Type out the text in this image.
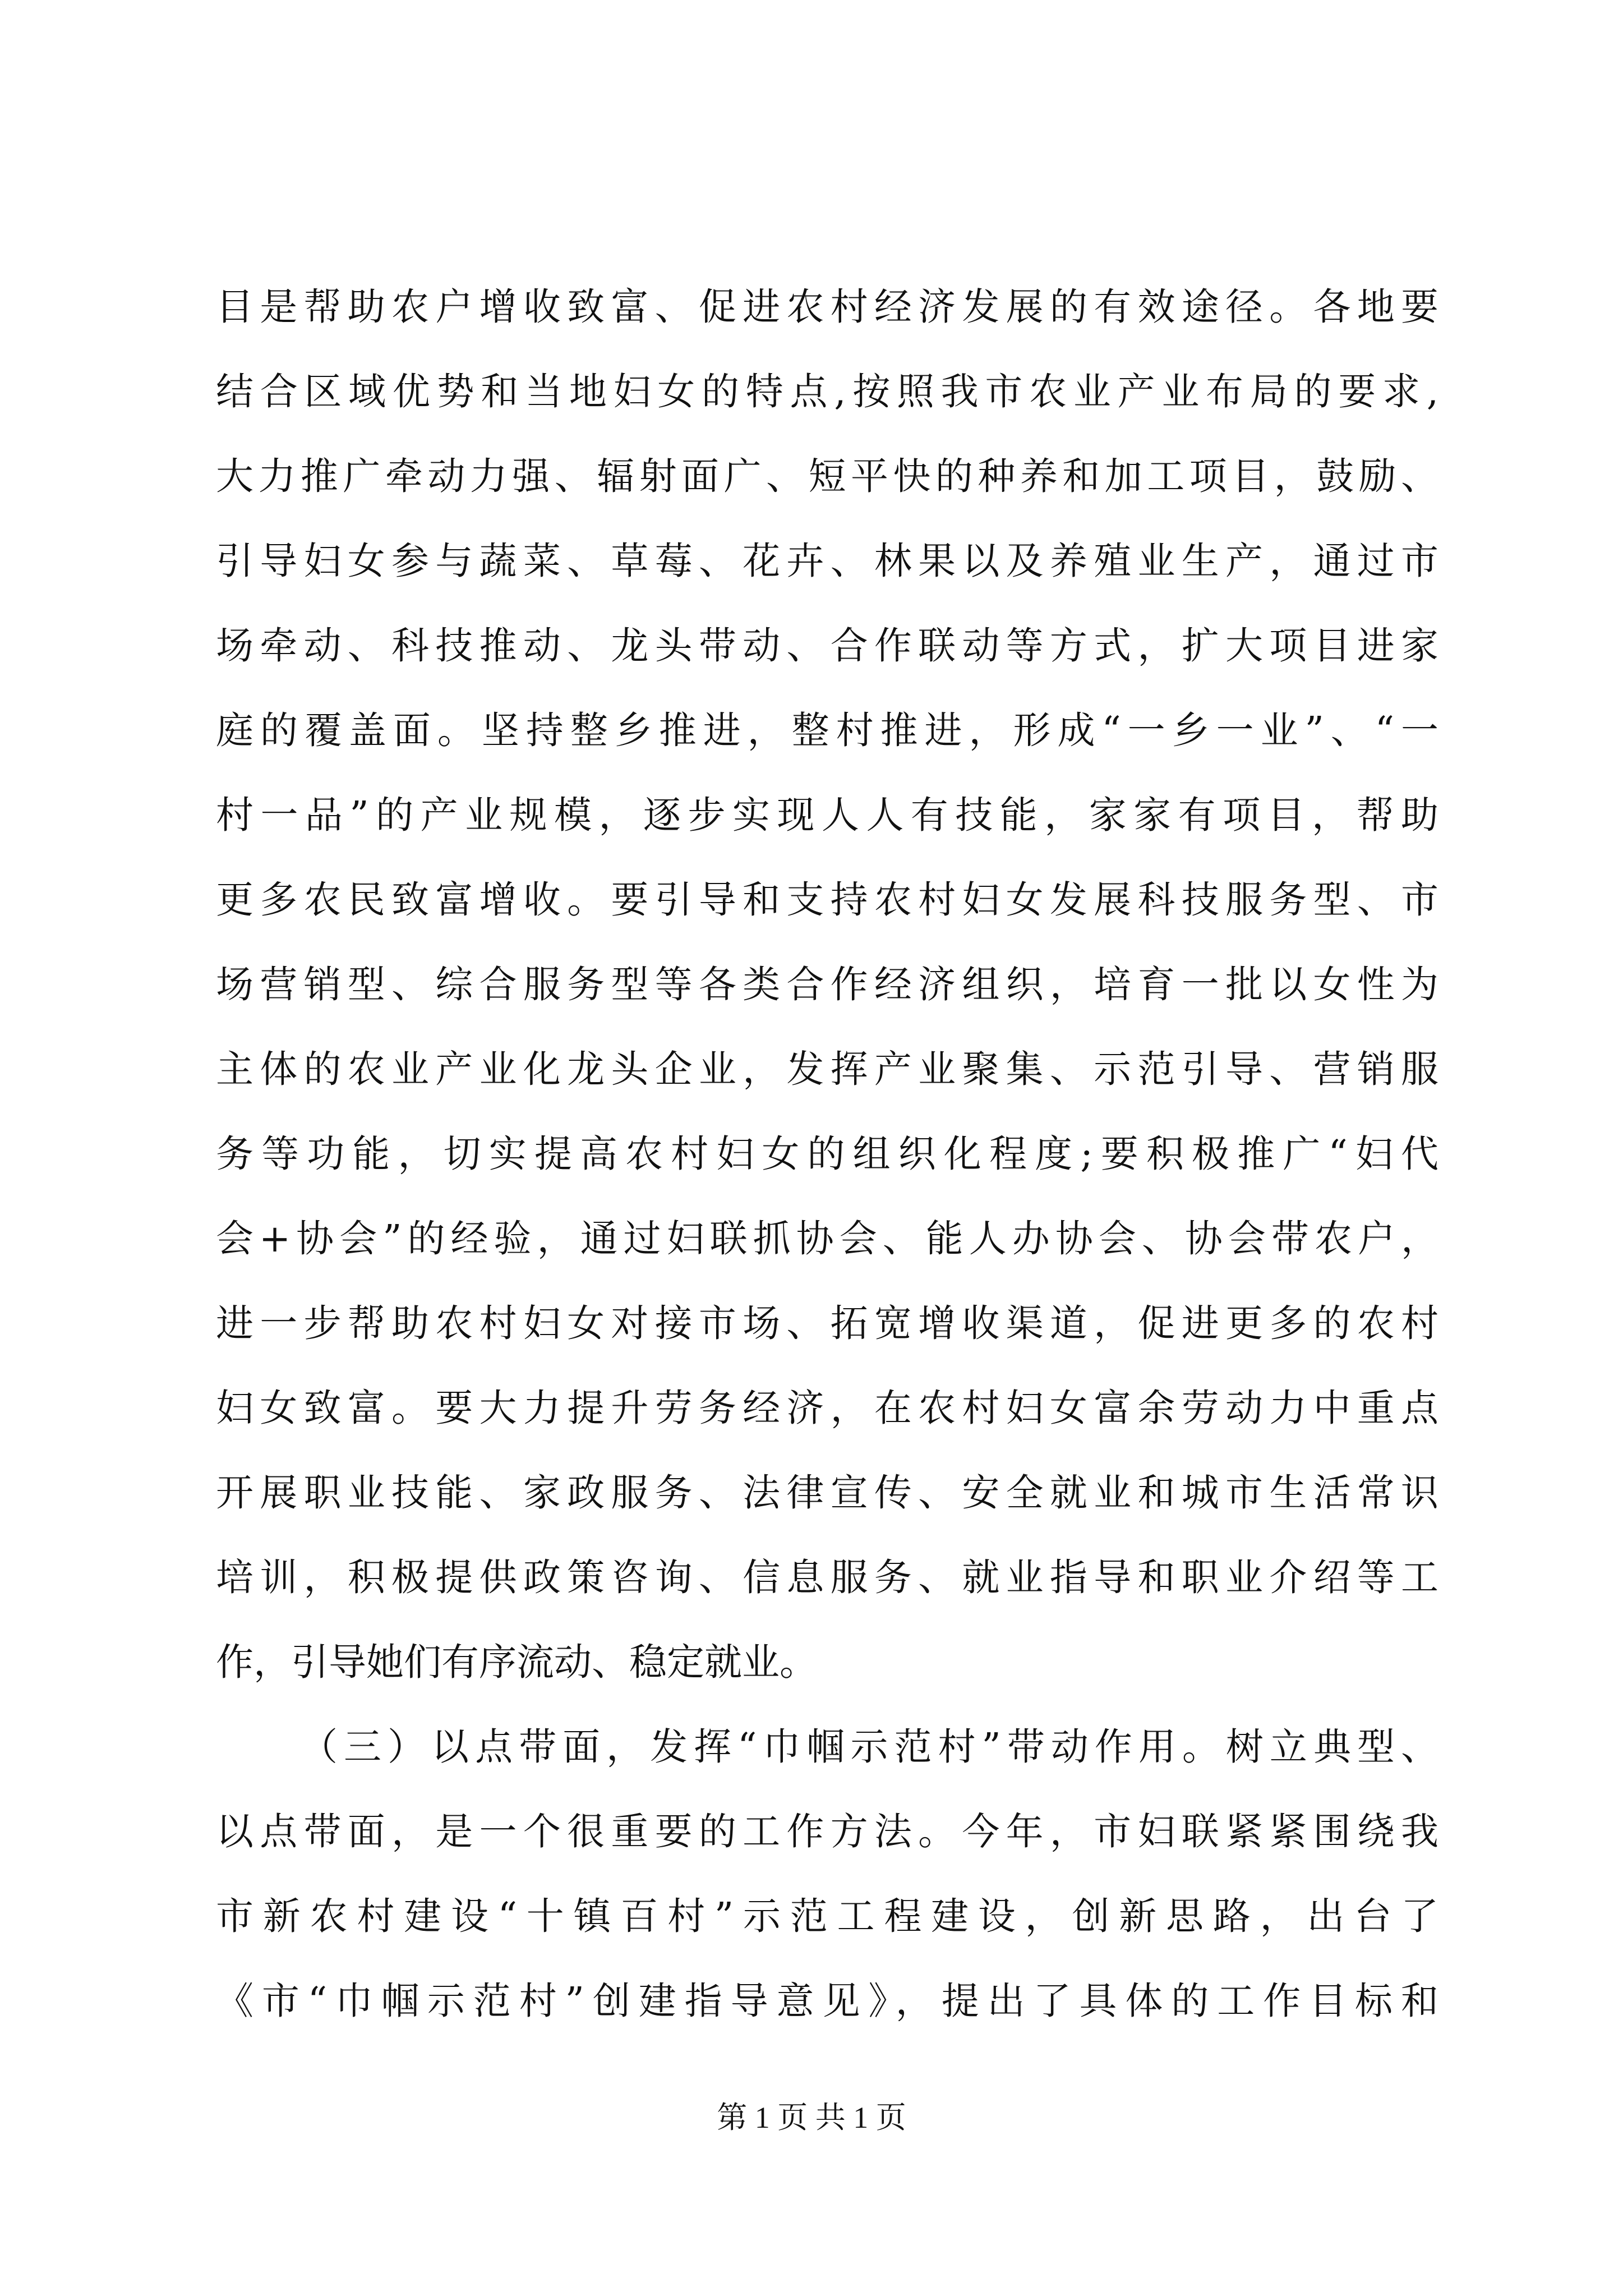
目是帮助农户增收致富、促进农村经济发展的有效途径。各地要
结合区域优势和当地妇女的特点,按照我市农业产业布局的要求,
大力推广牵动力强、辐射面广、短平快的种养和加工项目，鼓励、
引导妇女参与蔬菜、草莓、花卉、林果以及养殖业生产，通过市
场牵动、科技推动、龙头带动、合作联动等方式，扩大项目进家
庭的覆盖面。坚持整乡推进，整村推进，形成“一乡一业”、“一
村一品”的产业规模，逐步实现人人有技能，家家有项目，帮助
更多农民致富增收。要引导和支持农村妇女发展科技服务型、市
场营销型、综合服务型等各类合作经济组织，培育一批以女性为
主体的农业产业化龙头企业，发挥产业聚集、示范引导、营销服
务等功能，切实提高农村妇女的组织化程度;要积极推广“妇代
会+协会”的经验，通过妇联抓协会、能人办协会、协会带农户，
进一步帮助农村妇女对接市场、拓宽增收渠道，促进更多的农村
妇女致富。要大力提升劳务经济，在农村妇女富余劳动力中重点
开展职业技能、家政服务、法律宣传、安全就业和城市生活常识
培训，积极提供政策咨询、信息服务、就业指导和职业介绍等工
作，引导她们有序流动、稳定就业。
（三）以点带面，发挥“巾帼示范村”带动作用。树立典型、
以点带面，是一个很重要的工作方法。今年，市妇联紧紧围绕我
市新农村建设“十镇百村”示范工程建设，创新思路，出台了
《市“巾帼示范村”创建指导意见》，提出了具体的工作目标和
第 1 页 共 1 页
